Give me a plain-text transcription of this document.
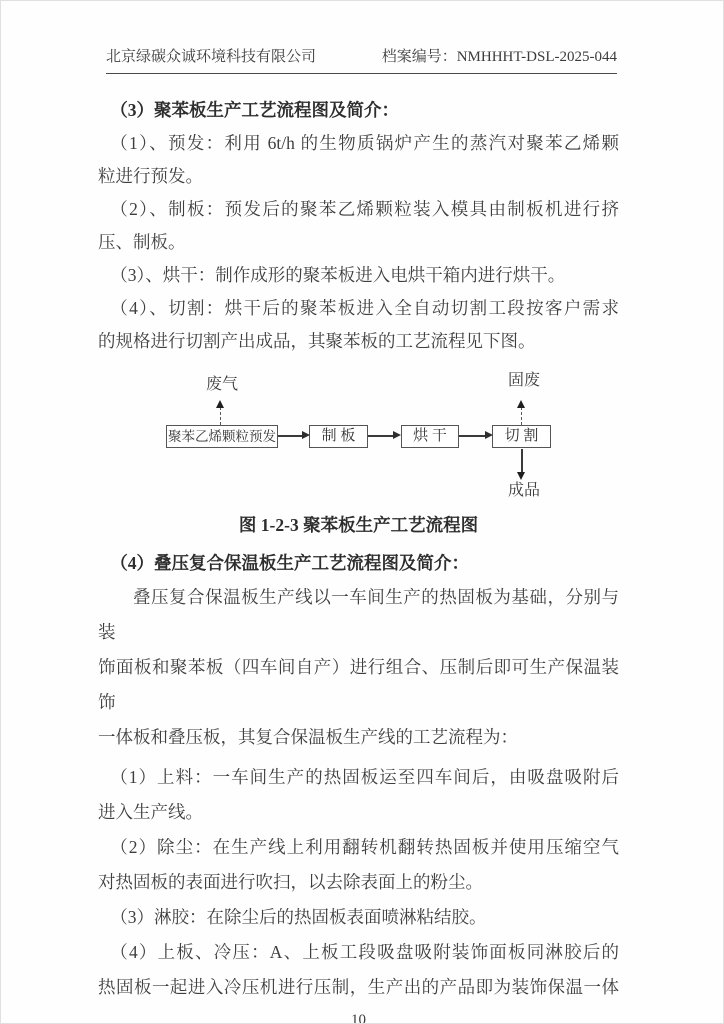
北京绿碳众诚环境科技有限公司	档案编号：NMHHHT-DSL-2025-044
（3）聚苯板生产工艺流程图及简介：
（1）、预发：利用 6t/h 的生物质锅炉产生的蒸汽对聚苯乙烯颗
粒进行预发。
（2）、制板：预发后的聚苯乙烯颗粒装入模具由制板机进行挤
压、制板。
（3）、烘干：制作成形的聚苯板进入电烘干箱内进行烘干。
（4）、切割：烘干后的聚苯板进入全自动切割工段按客户需求
的规格进行切割产出成品，其聚苯板的工艺流程见下图。
废气	固废
成品
聚苯乙烯颗粒预发	制 板	烘 干	切 割
图 1-2-3 聚苯板生产工艺流程图
（4）叠压复合保温板生产工艺流程图及简介：
叠压复合保温板生产线以一车间生产的热固板为基础，分别与装
饰面板和聚苯板（四车间自产）进行组合、压制后即可生产保温装饰
一体板和叠压板，其复合保温板生产线的工艺流程为：
（1）上料：一车间生产的热固板运至四车间后，由吸盘吸附后
进入生产线。
（2）除尘：在生产线上利用翻转机翻转热固板并使用压缩空气
对热固板的表面进行吹扫，以去除表面上的粉尘。
（3）淋胶：在除尘后的热固板表面喷淋粘结胶。
（4）上板、冷压：A、上板工段吸盘吸附装饰面板同淋胶后的
热固板一起进入冷压机进行压制，生产出的产品即为装饰保温一体
10
